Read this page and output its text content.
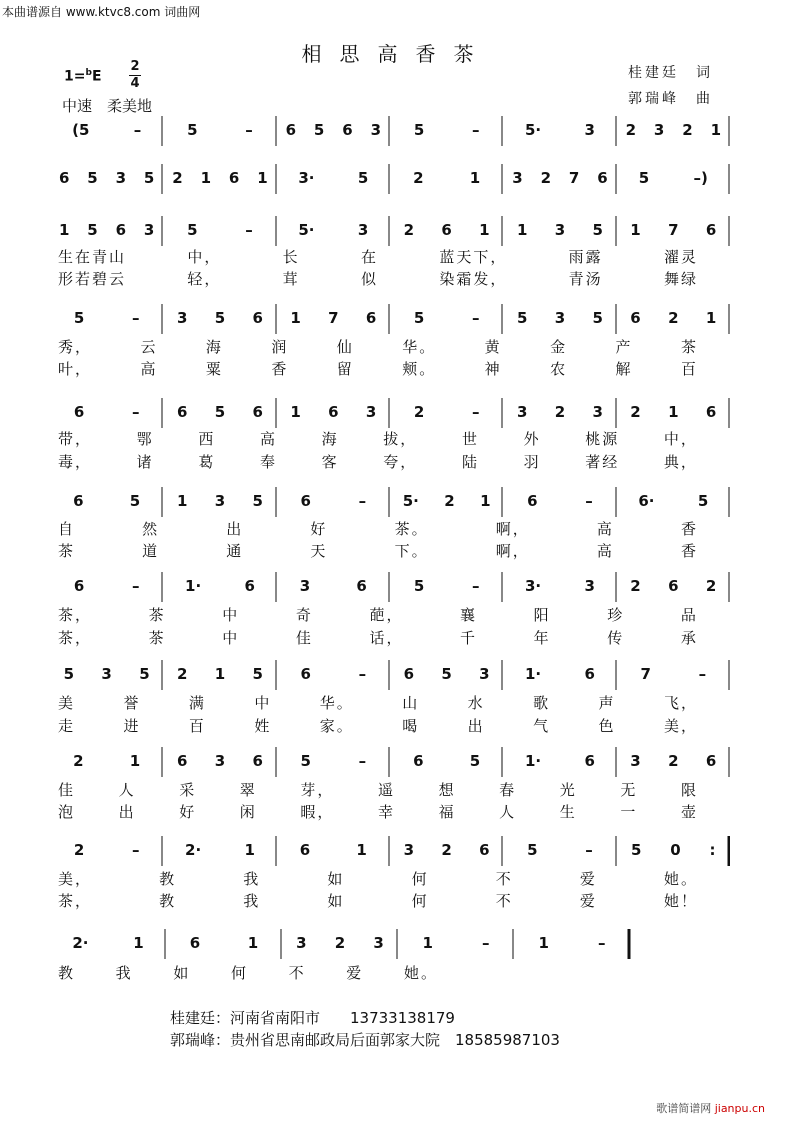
本曲谱源自 www.ktvc8.com 词曲网
相思高香茶
1=$^b$E
2
4
中速　柔美地
桂建廷　词
郭瑞峰　曲
(5	–	5	– 6 5 6 3 5	–	5·	3 2 3 2 1
6 5 3 5 2 1 6 1 3·	5	2	1 3 2 7 6 5	–)
1 5 6 3 5	–	5·	3 2 6 1 1 3 5 1 7 6
5	–	3 5 6 1 7 6	5	–	5 3 5 6 2 1
6	–	6 5 6 1 6 3	2	–	3 2 3 2 1 6
6	5 1 3 5	6	– 5· 2 1 6	–	6·	5
6	–	1·	6	3	6	5	–	3·	3 2 6 2
5 3 5 2 1 5	6	–	6 5 3 1·	6	7	–
2	1 6 3 6	5	–	6	5	1·	6 3 2 6
2	–	2·	1	6	1 3 2 6	5	–	5 0 :
2·	1	6	1	3 2 3	1	–	1	–
生在青山	中，	长	在	蓝天下，	雨露	濯灵
形若碧云	轻，	茸	似	染霜发，	青汤	舞绿
秀，	云	海	润	仙	华。	黄	金	产	茶
叶，	高	粟	香	留	颊。	神	农	解	百
带，	鄂	西	高	海	拔，	世	外	桃源	中，
毒，	诸	葛	奉	客	夸，	陆	羽	著经	典，
自	然	出	好	茶。	啊，	高	香
茶	道	通	天	下。	啊，	高	香
茶，	茶	中	奇	葩，	襄	阳	珍	品
茶，	茶	中	佳	话，	千	年	传	承
美	誉	满	中	华。	山	水	歌	声	飞，
走	进	百	姓	家。	喝	出	气	色	美，
佳	人	采	翠	芽，	遥	想	春	光	无	限
泡	出	好	闲	暇，	幸	福	人	生	一	壶
美，	教	我	如	何	不	爱	她。
茶，	教	我	如	何	不	爱	她！
教	我	如	何	不	爱	她。
桂建廷：河南省南阳市　　13733138179
郭瑞峰：贵州省思南邮政局后面郭家大院　18585987103
歌谱简谱网 jianpu.cn
